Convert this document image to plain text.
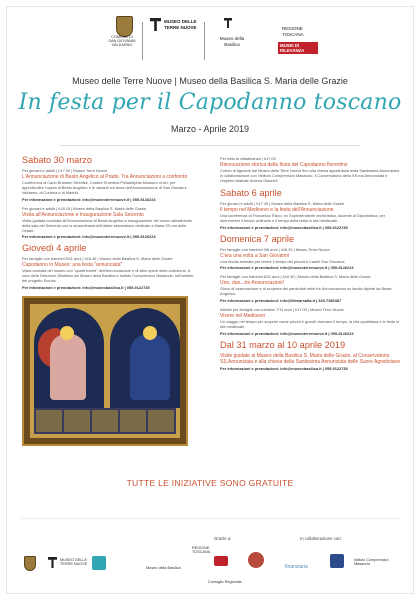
COMUNE DI SAN GIOVANNI VALDARNO
MUSEO DELLE TERRE NUOVE
Museo della Basilica
REGIONE TOSCANA
MUSEI DI RILEVANZA REGIONALE
Museo delle Terre Nuove | Museo della Basilica S. Maria delle Grazie
In festa per il Capodanno toscano
Marzo - Aprile 2019
Sabato 30 marzo
Per giovani e adulti | h17.00 | Museo Terre Nuove
L'Annunciazione di Beato Angelico al Prado. Tra Annunciazioni a confronto
Conferenza di Carlo Brandon Strehlke, Curator Emeritus Philadelphia Museum of Art, per approfondire l'opera di Beato Angelico e le varianti sul tema dell'Annunciazione di San Giovanni Valdarno, di Cortona e di Madrid.
Per informazioni e prenotazioni: info@museoterrenuove.it | 055-9126223
Per giovani e adulti | h18.15 | Museo della Basilica S. Maria delle Grazie
Visita all'Annunciazione e Inaugurazione Sala Seicento
Visita guidata condotta all'Annunciazione di Beato Angelico e inaugurazione del nuovo allestimento della sala del Seicento con la straordinaria dell'altare seicentesco dedicato a Maria SS.ma delle Grazie.
Per informazioni e prenotazioni: info@museoterrenuove.it | 055-9126223
Giovedì 4 aprile
Per famiglie con bambini 5/11 anni | h16.45 | Museo della Basilica S. Maria delle Grazie
Capodanno in Museo: una festa "annunciata"
Visita animata del museo con "quattr'eventi" dell'Annunciazione e di altre opere della collezione. A cura della Direzione Didattica del Museo della Basilica e Istituto Comprensivo Masaccio, nell'ambito del progetto Scuola.
Per informazioni e prenotazioni: info@museobasilica.it | 055-9122735
Per tutta la cittadinanza | h17.00
Rievocazione storica della festa del Capodanno fiorentino
Corteo di figuranti dal Museo delle Terre Nuove fino alla chiesa agostiniana della Santissima Annunziata. In collaborazione con l'Istituto Comprensivo Masaccio, il Conservatorio della SS.ma Annunziata e l'esperto teatrale Andrea Giannini.
Sabato 6 aprile
Per giovani e adulti | h17.30 | Museo della Basilica S. Maria delle Grazie
Il tempo nel Medioevo e la festa dell'Annunciazione
Una conferenza di Francesco Rizzo, ex Soprintendente archivistica, docente di Diplomatica, per ripercorrere il tempo ordinario e il tempo della festa in età medievale.
Per informazioni e prenotazioni: info@museobasilica.it | 055-9122735
Domenica 7 aprile
Per famiglie con bambini 3/6 anni | h16.30 | Museo Terre Nuove
C'era una volta a San Giovanni
Una favola animata per vivere il tempo dei piccoli a Castel San Giovanni.
Per informazioni e prenotazioni: info@museoterrenuove.it | 055-9126223
Per famiglie con bambini 6/11 anni | h16.30 | Museo della Basilica S. Maria delle Grazie
Uno, due...tre Annunciazioni!
Gioco di osservazione e di scoperta dei particolari nelle tre Annunciazioni su tavola dipinte da Beato Angelico.
Per informazioni e prenotazioni: info@lilimarsalta.it | 329-7380387
Attività per famiglie con bambini 7/11 anni | h17.00 | Museo Terre Nuove
Vivere nel Medioevo
Un viaggio nel tempo per scoprire come piccoli e grandi vivevano il tempo, la vita quotidiana e le feste in età medievale.
Per informazioni e prenotazioni: info@museoterrenuove.it | 055-9126223
Dal 31 marzo al 10 aprile 2019
Visite guidate al Museo della Basilica S. Maria delle Grazie, al Conservatorio SS.Annunziata e alla chiesa della Santissima Annunziata delle Suore Agostiniane
Per informazioni e prenotazioni: info@museobasilica.it | 055-9122735
TUTTE LE INIZIATIVE SONO GRATUITE
Grazie a:	In collaborazione con:
MUSEO DELLE TERRE NUOVE
Museo della Basilica
REGIONE TOSCANA
Consiglio Regionale
finanziaria
Istituto Comprensivo Masaccio
